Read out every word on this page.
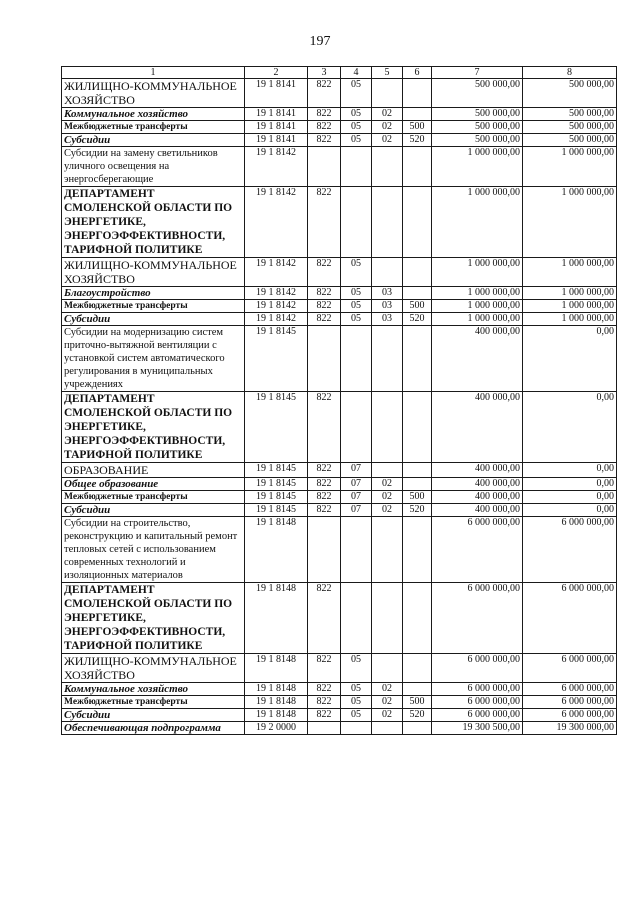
197
1	2	3	4	5	6	7	8
ЖИЛИЩНО-КОММУНАЛЬНОЕ ХОЗЯЙСТВО	19 1 8141	822	05			500 000,00	500 000,00
Коммунальное хозяйство	19 1 8141	822	05	02		500 000,00	500 000,00
Межбюджетные трансферты	19 1 8141	822	05	02	500	500 000,00	500 000,00
Субсидии	19 1 8141	822	05	02	520	500 000,00	500 000,00
Субсидии на замену светильников уличного освещения на энергосберегающие	19 1 8142					1 000 000,00	1 000 000,00
ДЕПАРТАМЕНТ СМОЛЕНСКОЙ ОБЛАСТИ ПО ЭНЕРГЕТИКЕ, ЭНЕРГОЭФФЕКТИВНОСТИ, ТАРИФНОЙ ПОЛИТИКЕ	19 1 8142	822				1 000 000,00	1 000 000,00
ЖИЛИЩНО-КОММУНАЛЬНОЕ ХОЗЯЙСТВО	19 1 8142	822	05			1 000 000,00	1 000 000,00
Благоустройство	19 1 8142	822	05	03		1 000 000,00	1 000 000,00
Межбюджетные трансферты	19 1 8142	822	05	03	500	1 000 000,00	1 000 000,00
Субсидии	19 1 8142	822	05	03	520	1 000 000,00	1 000 000,00
Субсидии на модернизацию систем приточно-вытяжной вентиляции с установкой систем автоматического регулирования в муниципальных учреждениях	19 1 8145					400 000,00	0,00
ДЕПАРТАМЕНТ СМОЛЕНСКОЙ ОБЛАСТИ ПО ЭНЕРГЕТИКЕ, ЭНЕРГОЭФФЕКТИВНОСТИ, ТАРИФНОЙ ПОЛИТИКЕ	19 1 8145	822				400 000,00	0,00
ОБРАЗОВАНИЕ	19 1 8145	822	07			400 000,00	0,00
Общее образование	19 1 8145	822	07	02		400 000,00	0,00
Межбюджетные трансферты	19 1 8145	822	07	02	500	400 000,00	0,00
Субсидии	19 1 8145	822	07	02	520	400 000,00	0,00
Субсидии на строительство, реконструкцию и капитальный ремонт тепловых сетей с использованием современных технологий и изоляционных материалов	19 1 8148					6 000 000,00	6 000 000,00
ДЕПАРТАМЕНТ СМОЛЕНСКОЙ ОБЛАСТИ ПО ЭНЕРГЕТИКЕ, ЭНЕРГОЭФФЕКТИВНОСТИ, ТАРИФНОЙ ПОЛИТИКЕ	19 1 8148	822				6 000 000,00	6 000 000,00
ЖИЛИЩНО-КОММУНАЛЬНОЕ ХОЗЯЙСТВО	19 1 8148	822	05			6 000 000,00	6 000 000,00
Коммунальное хозяйство	19 1 8148	822	05	02		6 000 000,00	6 000 000,00
Межбюджетные трансферты	19 1 8148	822	05	02	500	6 000 000,00	6 000 000,00
Субсидии	19 1 8148	822	05	02	520	6 000 000,00	6 000 000,00
Обеспечивающая подпрограмма	19 2 0000					19 300 500,00	19 300 000,00
